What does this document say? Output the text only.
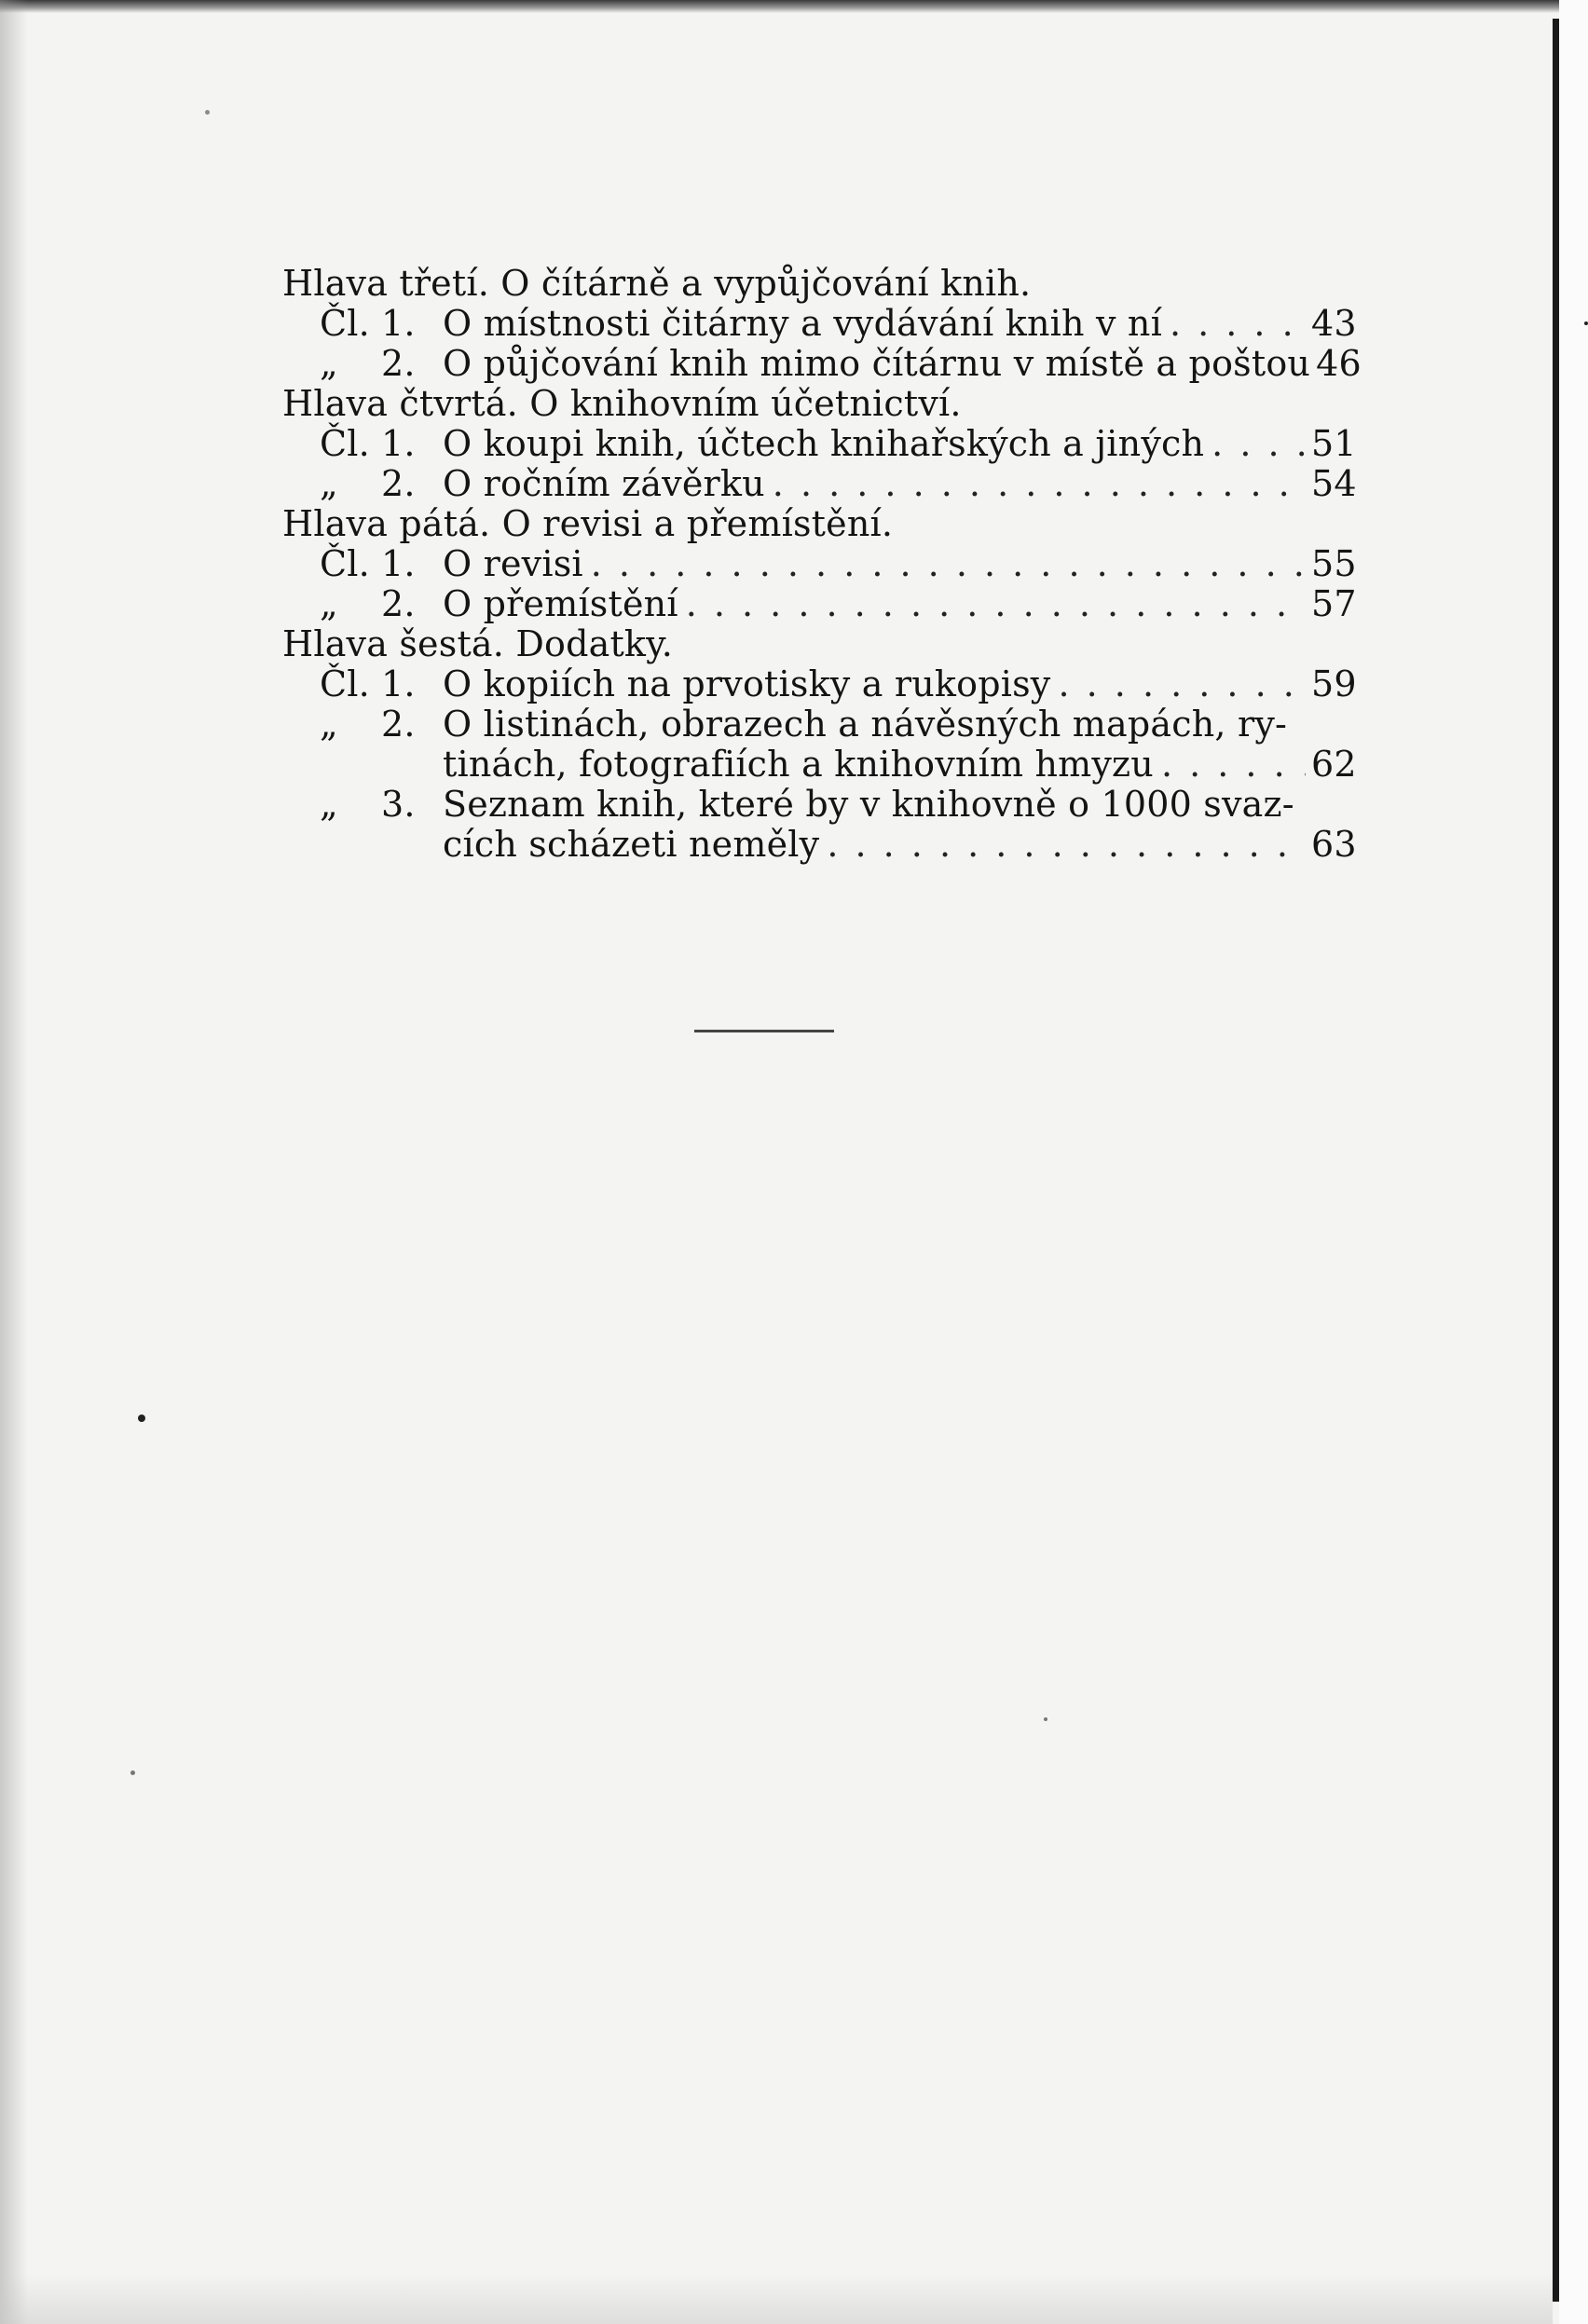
Hlava třetí. O čítárně a vypůjčování knih.
Čl. 1. O místnosti čitárny a vydávání knih v ní . . .	43
„	2. O půjčování knih mimo čítárnu v místě a poštou 46
Hlava čtvrtá. O knihovním účetnictví.
Čl. 1. O koupi knih, účtech knihařských a jiných . . .	51
„	2. O ročním závěrku . . .	54
Hlava pátá. O revisi a přemístění.
Čl. 1. O revisi . . .	55
„	2. O přemístění . . .	57
Hlava šestá. Dodatky.
Čl. 1. O kopiích na prvotisky a rukopisy . . .	59
„	2. O listinách, obrazech a návěsných mapách, ry-
tinách, fotografiích a knihovním hmyzu . . .	62
„	3. Seznam knih, které by v knihovně o 1000 svaz-
cích scházeti neměly . . .	63
